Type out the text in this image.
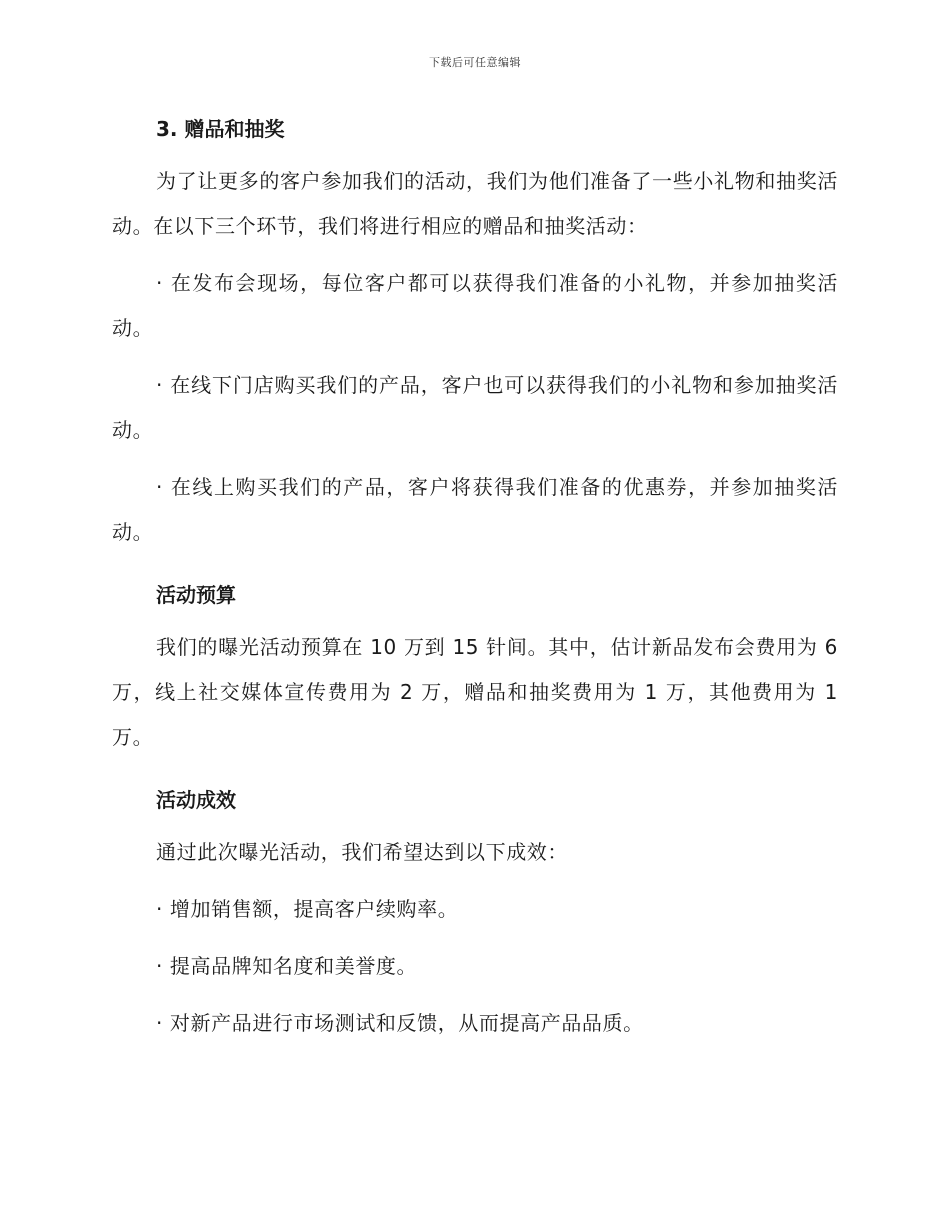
下载后可任意编辑
3. 赠品和抽奖

为了让更多的客户参加我们的活动，我们为他们准备了一些小礼物和抽奖活动。在以下三个环节，我们将进行相应的赠品和抽奖活动：

· 在发布会现场，每位客户都可以获得我们准备的小礼物，并参加抽奖活动。

· 在线下门店购买我们的产品，客户也可以获得我们的小礼物和参加抽奖活动。

· 在线上购买我们的产品，客户将获得我们准备的优惠券，并参加抽奖活动。

活动预算

我们的曝光活动预算在 10 万到 15 针间。其中，估计新品发布会费用为 6 万，线上社交媒体宣传费用为 2 万，赠品和抽奖费用为 1 万，其他费用为 1 万。

活动成效

通过此次曝光活动，我们希望达到以下成效：

· 增加销售额，提高客户续购率。

· 提高品牌知名度和美誉度。

· 对新产品进行市场测试和反馈，从而提高产品品质。
